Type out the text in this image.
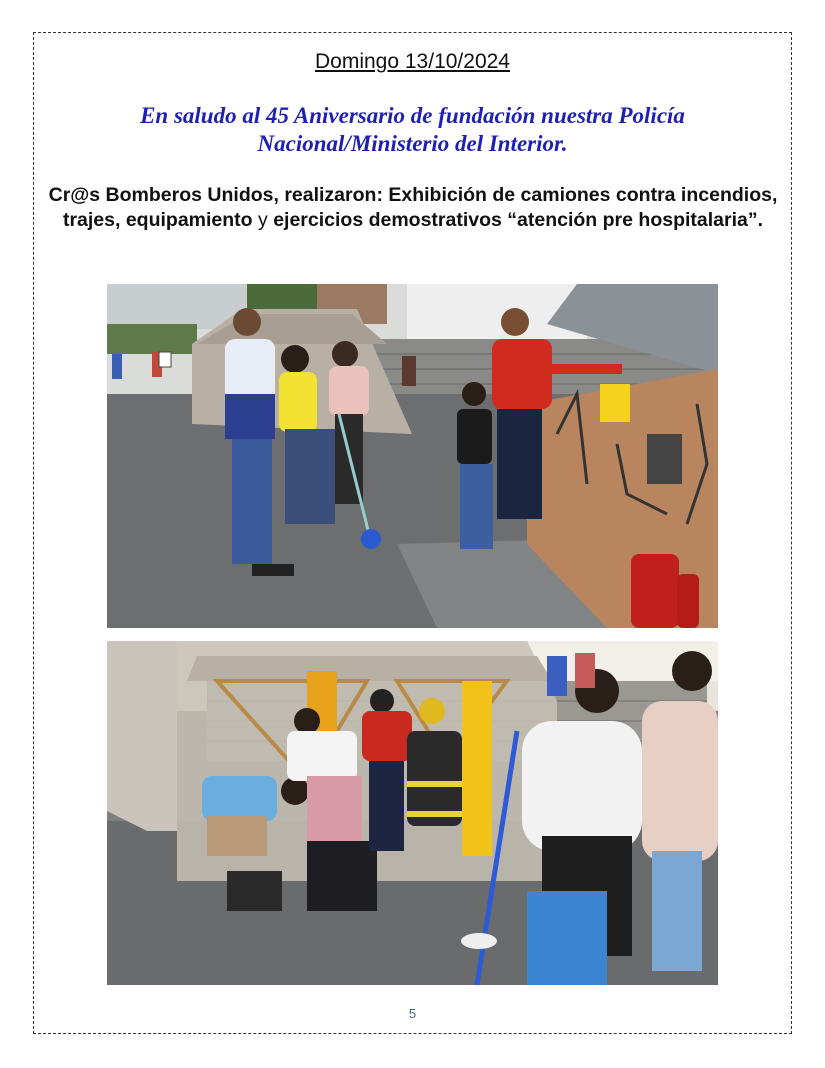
Domingo 13/10/2024
En saludo al 45 Aniversario de fundación nuestra Policía Nacional/Ministerio del Interior.
Cr@s Bomberos Unidos, realizaron: Exhibición de camiones contra incendios, trajes, equipamiento y ejercicios demostrativos “atención pre hospitalaria”.
5
